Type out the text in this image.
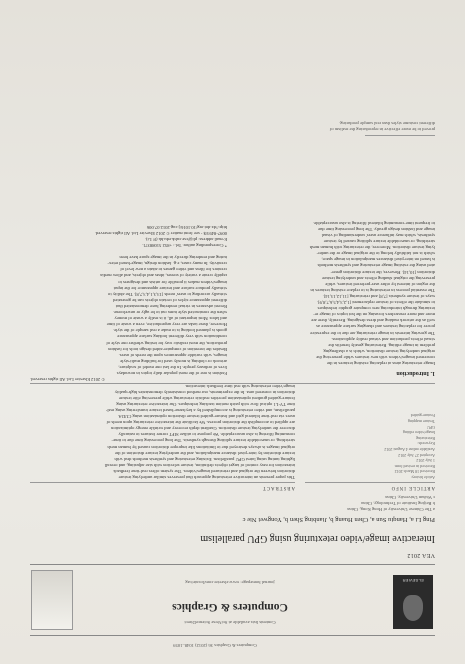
Computers & Graphics 36 (2012) 1048–1059
ELSEVIER
Contents lists available at SciVerse ScienceDirect
Computers & Graphics
journal homepage: www.elsevier.com/locate/cag
VEA 2012
Interactive image/video retexturing using GPU parallelism
Ping Li a, Hanqiu Sun a, Chen Huang b, Jianbing Shen b, Yongwei Nie c
a The Chinese University of Hong Kong, China
b Beijing Institute of Technology, China
c Wuhan University, China
ARTICLE INFO
ABSTRACT
Article history:
Received 18 March 2012
Received in revised form
1 July 2012
Accepted 27 July 2012
Available online 4 August 2012
Keywords:
Retexturing
Image/video editing
GPU
Texture mapping
Feature-guided
This paper presents an interactive retexturing approach that preserves similar underlying texture
distortion between the original and retextured images/videos. The system offers real-time feedback
interaction for easy control of target objects definition, texture selection with size adjusting, and overall
lighting tuning using latest GPU parallelism. Existing retexturing and synthesis methods deal with
texture distortion by inter-pixel distance manipulation, and the underlying texture distortion of the
original images is always destroyed due to limitations like improper distortion caused by human mesh
stretching, or unavoidable texture splitting through synthesis. The long processing time due to time-
consuming filtering is also unacceptable. We propose to utilize SIFT corner features to naturally
discover the underlying texture distortion. Gradient depth recovery and wrinkle energy optimization
are applied to accomplish the distortion process. We facilitate the interactive retexturing upon needs of
users via real-time bilateral grid and feature-guided texture distortion optimization using CUDA
parallelism, and video retexturing is accomplished by a keyframe-based texture transferring using real-
time TV-L1 optical flow with patch motion tracking techniques. Our interactive retexturing using
feature-guided gradient optimization provides realistic retexturing while preserving elite texture
distortion in cornered area. In the experiments, our method consistently demonstrates high-quality
image/video retexturing with real time feedback interaction.
© 2012 Elsevier Ltd. All rights reserved.
1. Introduction
Image retexturing aims at replacing existing textures in the
concerned images/videos with new textures while preserving the
original underlying texture distortion, which is a challenging
problem in image editing. Retexturing greatly benefits the
visual effects production and virtual reality applications.
The growing interests in image retexturing are due to the expressive
power for replacing textures and changing surface appearance as
well as the artwork making and dress designing. Recently, there are
more and more researchers focusing on the hot topics of image re-
texturing through introducing new computer graphic techniques
to simulate the effects of texture replacement [1,2,3,4,5,6,7,8,9].
ways of texture synthesis [7,8] and retexturing [11,12,13,14].
The essential process in retexturing is to replace existing textures in
the region of interest by other user-preferred textures, while
preserving the original shading effects and underlying texture
distortion [10,14]. However, the texture distortion gener-
ated using the existing image retexturing and synthesis methods
is based on inter-pixel distances manipulation in image space,
which is not faithfully belong to the original image or the under-
lying texture distortion. Moreover, the retexturing with human mesh
stretching, or unavoidable texture splitting caused by texture
synthesis, which may influence users' understanding of visual
image and fashion design greatly. The long processing time due
to frequent time-consuming bilateral filtering is also unacceptable.
Fashion is one of the most popular daily topics in nowadays
lives of ordinary people. In the last one model of sculpture,
artwork or clothing is mostly used for building multi-style
images, with variable appearances upon the needs of users.
Besides the invention of computer-aided design tools for fashion
production, the most realistic way for testing whether one style of
combination with very different looking surface appearance
goods is planned looking is to make a real sample of the style.
However, these tasks are very unproductive, even a waste of time
and labor. Most important of all, it is really a waste of money
when the constructed style turns out to be ugly or unwelcome.
Recent advances in virtual rendering have demonstrated that
different appearance styles of certain objects can be generated
virtually according to users' needs [13,3,1,4,3,7,8]. The ability to
virtually produce surface and texture appearance for the input
images/videos makes it possible for artists and designers to
rapidly create a variety of scenes, ideas and objects, and allow media
creators for films and video games to attain a new level of
creativity. In many cases, e.g. fashion design, image-based retex-
turing and rendering directly in the image space have been
* Corresponding author. Tel.: +852 51088371.
E-mail address: pli@cse.cuhk.edu.hk (P. Li).
0097-8493/$ - see front matter © 2012 Elsevier Ltd. All rights reserved.
http://dx.doi.org/10.1016/j.cag.2012.07.006
proved to be more effective in reproducing the realism of
different costume styles than real sample producing.
